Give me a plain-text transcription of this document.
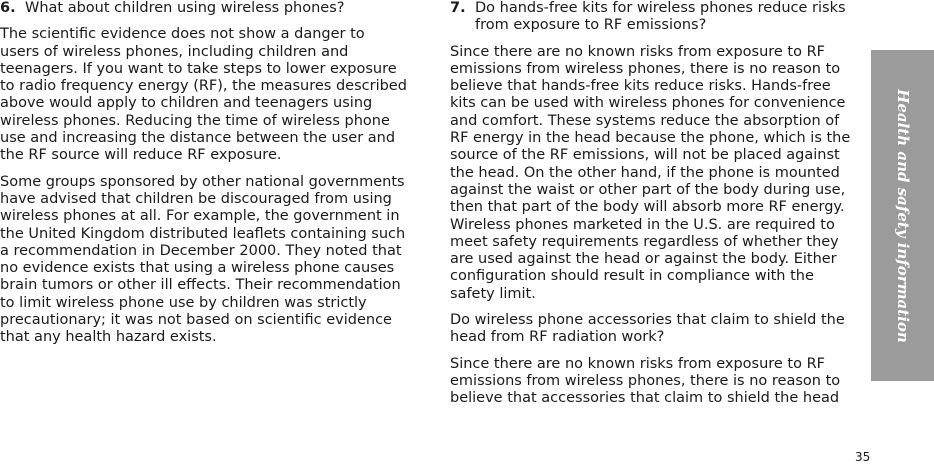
6. What about children using wireless phones?

The scientific evidence does not show a danger to users of wireless phones, including children and teenagers. If you want to take steps to lower exposure to radio frequency energy (RF), the measures described above would apply to children and teenagers using wireless phones. Reducing the time of wireless phone use and increasing the distance between the user and the RF source will reduce RF exposure.

Some groups sponsored by other national governments have advised that children be discouraged from using wireless phones at all. For example, the government in the United Kingdom distributed leaflets containing such a recommendation in December 2000. They noted that no evidence exists that using a wireless phone causes brain tumors or other ill effects. Their recommendation to limit wireless phone use by children was strictly precautionary; it was not based on scientific evidence that any health hazard exists.

7. Do hands-free kits for wireless phones reduce risks from exposure to RF emissions?

Since there are no known risks from exposure to RF emissions from wireless phones, there is no reason to believe that hands-free kits reduce risks. Hands-free kits can be used with wireless phones for convenience and comfort. These systems reduce the absorption of RF energy in the head because the phone, which is the source of the RF emissions, will not be placed against the head. On the other hand, if the phone is mounted against the waist or other part of the body during use, then that part of the body will absorb more RF energy. Wireless phones marketed in the U.S. are required to meet safety requirements regardless of whether they are used against the head or against the body. Either configuration should result in compliance with the safety limit.

Do wireless phone accessories that claim to shield the head from RF radiation work?

Since there are no known risks from exposure to RF emissions from wireless phones, there is no reason to believe that accessories that claim to shield the head

Health and safety information
35
